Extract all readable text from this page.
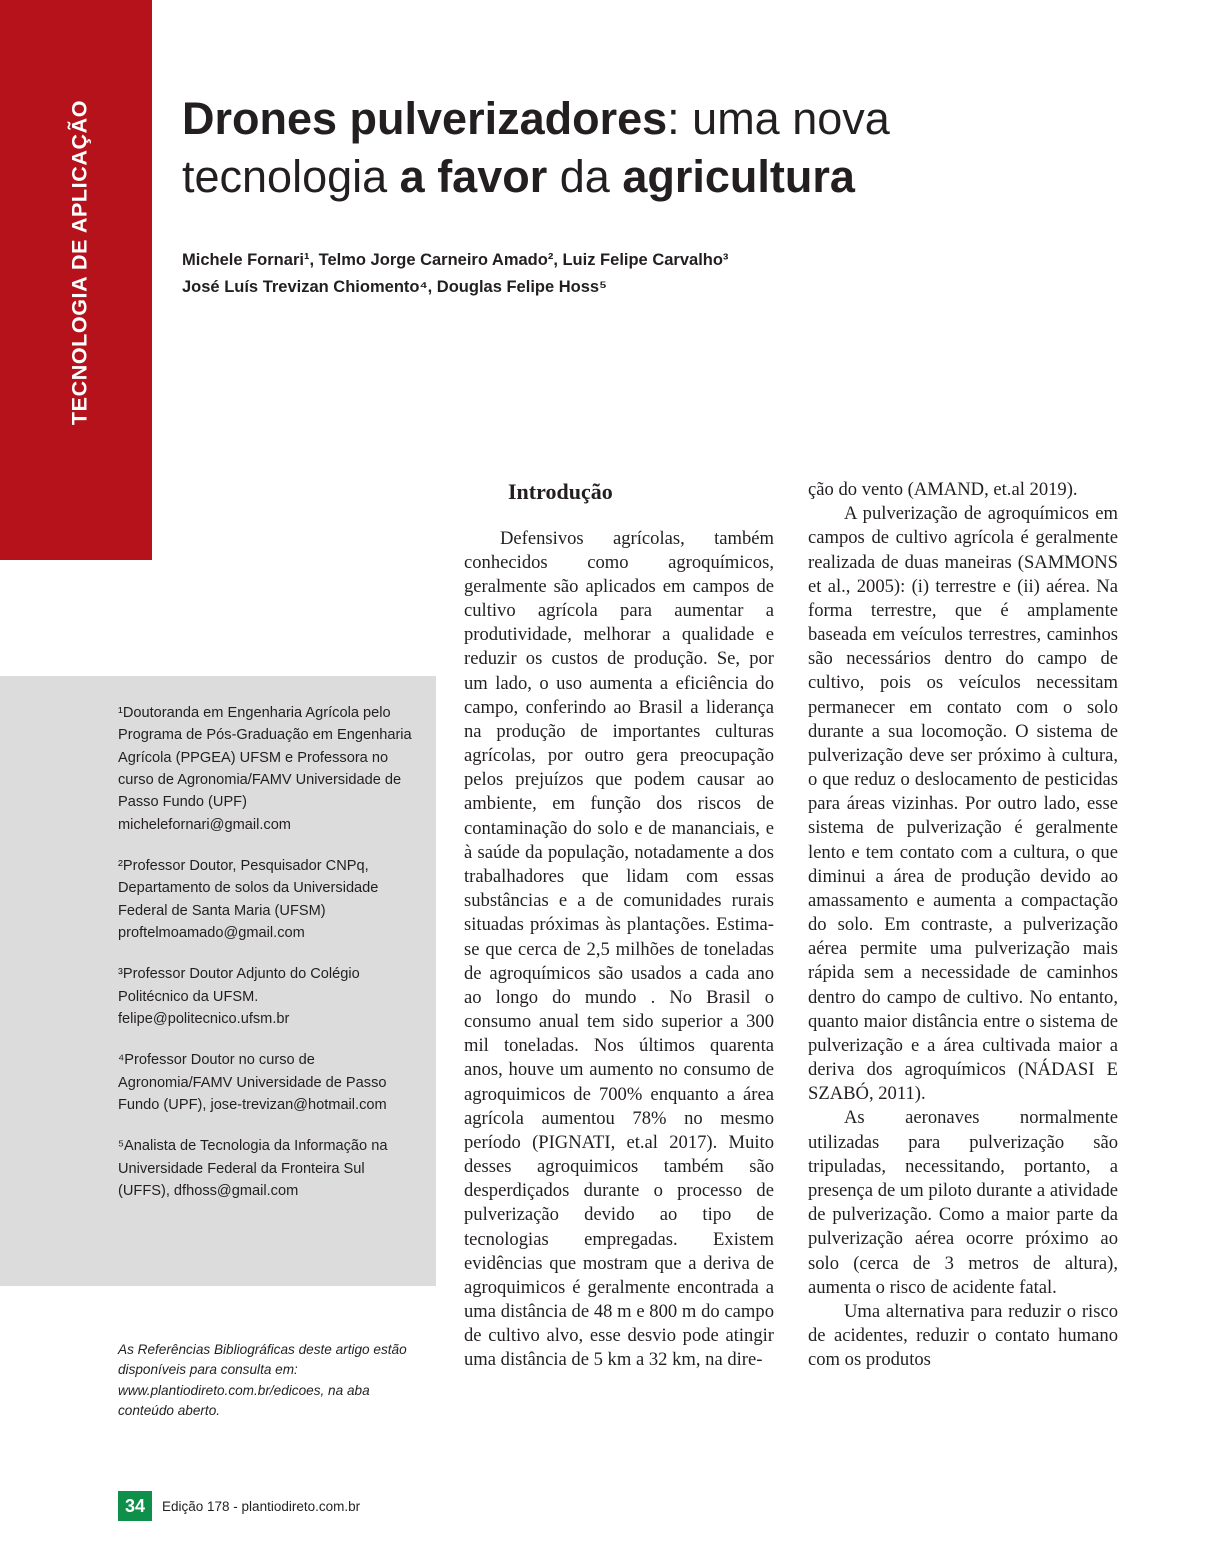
TECNOLOGIA DE APLICAÇÃO Drones pulverizadores: uma nova tecnologia a favor da agricultura
Michele Fornari¹, Telmo Jorge Carneiro Amado², Luiz Felipe Carvalho³
José Luís Trevizan Chiomento⁴, Douglas Felipe Hoss⁵
¹Doutoranda em Engenharia Agrícola pelo Programa de Pós-Graduação em Engenharia Agrícola (PPGEA) UFSM e Professora no curso de Agronomia/FAMV Universidade de Passo Fundo (UPF) michelefornari@gmail.com
²Professor Doutor, Pesquisador CNPq, Departamento de solos da Universidade Federal de Santa Maria (UFSM) proftelmoamado@gmail.com
³Professor Doutor Adjunto do Colégio Politécnico da UFSM. felipe@politecnico.ufsm.br
⁴Professor Doutor no curso de Agronomia/FAMV Universidade de Passo Fundo (UPF), jose-trevizan@hotmail.com
⁵Analista de Tecnologia da Informação na Universidade Federal da Fronteira Sul (UFFS), dfhoss@gmail.com
As Referências Bibliográficas deste artigo estão disponíveis para consulta em: www.plantiodireto.com.br/edicoes, na aba conteúdo aberto.
Introdução

Defensivos agrícolas, também conhecidos como agroquímicos, geralmente são aplicados em campos de cultivo agrícola para aumentar a produtividade, melhorar a qualidade e reduzir os custos de produção. Se, por um lado, o uso aumenta a eficiência do campo, conferindo ao Brasil a liderança na produção de importantes culturas agrícolas, por outro gera preocupação pelos prejuízos que podem causar ao ambiente, em função dos riscos de contaminação do solo e de mananciais, e à saúde da população, notadamente a dos trabalhadores que lidam com essas substâncias e a de comunidades rurais situadas próximas às plantações. Estima-se que cerca de 2,5 milhões de toneladas de agroquímicos são usados a cada ano ao longo do mundo . No Brasil o consumo anual tem sido superior a 300 mil toneladas. Nos últimos quarenta anos, houve um aumento no consumo de agroquimicos de 700% enquanto a área agrícola aumentou 78% no mesmo período (PIGNATI, et.al 2017). Muito desses agroquimicos também são desperdiçados durante o processo de pulverização devido ao tipo de tecnologias empregadas. Existem evidências que mostram que a deriva de agroquimicos é geralmente encontrada a uma distância de 48 m e 800 m do campo de cultivo alvo, esse desvio pode atingir uma distância de 5 km a 32 km, na dire-

ção do vento (AMAND, et.al 2019).

A pulverização de agroquímicos em campos de cultivo agrícola é geralmente realizada de duas maneiras (SAMMONS et al., 2005): (i) terrestre e (ii) aérea. Na forma terrestre, que é amplamente baseada em veículos terrestres, caminhos são necessários dentro do campo de cultivo, pois os veículos necessitam permanecer em contato com o solo durante a sua locomoção. O sistema de pulverização deve ser próximo à cultura, o que reduz o deslocamento de pesticidas para áreas vizinhas. Por outro lado, esse sistema de pulverização é geralmente lento e tem contato com a cultura, o que diminui a área de produção devido ao amassamento e aumenta a compactação do solo. Em contraste, a pulverização aérea permite uma pulverização mais rápida sem a necessidade de caminhos dentro do campo de cultivo. No entanto, quanto maior distância entre o sistema de pulverização e a área cultivada maior a deriva dos agroquímicos (NÁDASI E SZABÓ, 2011).

As aeronaves normalmente utilizadas para pulverização são tripuladas, necessitando, portanto, a presença de um piloto durante a atividade de pulverização. Como a maior parte da pulverização aérea ocorre próximo ao solo (cerca de 3 metros de altura), aumenta o risco de acidente fatal.

Uma alternativa para reduzir o risco de acidentes, reduzir o contato humano com os produtos

34	Edição 178 - plantiodireto.com.br
